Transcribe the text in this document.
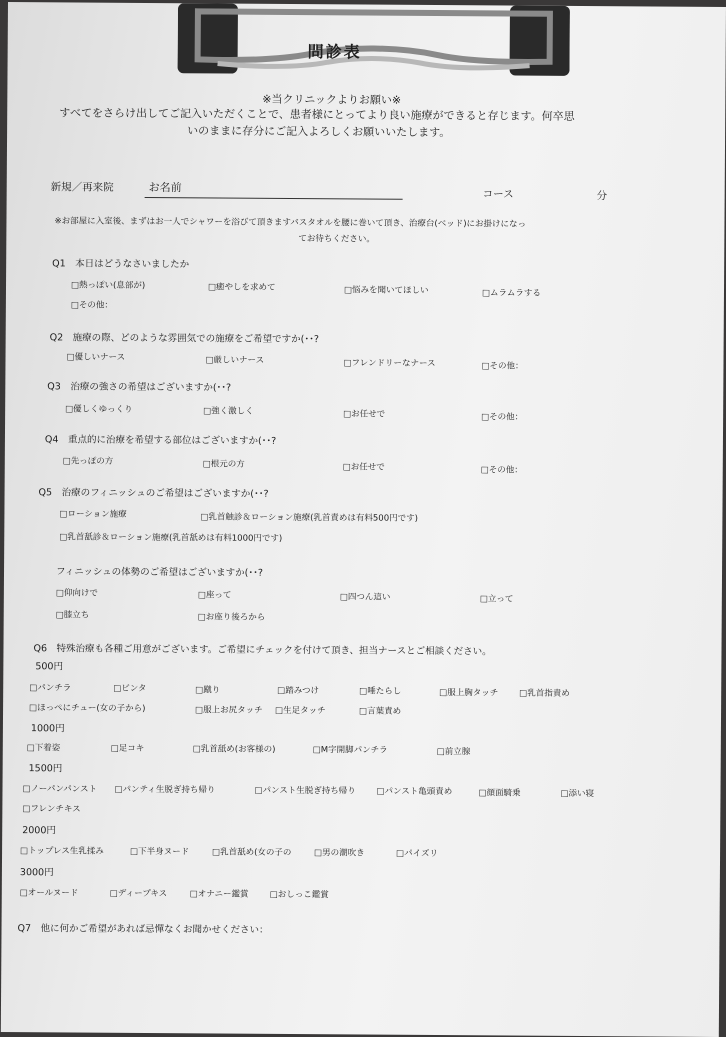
問診表
※当クリニックよりお願い※
すべてをさらけ出してご記入いただくことで、患者様にとってより良い施療ができると存じます。何卒思
いのままに存分にご記入よろしくお願いいたします。
新規／再来院	お名前
コース	分
※お部屋に入室後、まずはお一人でシャワーを浴びて頂きますバスタオルを腰に巻いて頂き、治療台(ベッド)にお掛けになっ
てお待ちください。
Q1　本日はどうなさいましたか
□熱っぽい(息部が)	□癒やしを求めて	□悩みを聞いてほしい	□ムラムラする
□その他：
Q2　施療の際、どのような雰囲気での施療をご希望ですか(･･?
□優しいナース	□厳しいナース	□フレンドリーなナース	□その他：
Q3　治療の強さの希望はございますか(･･?
□優しくゆっくり	□強く激しく	□お任せで	□その他：
Q4　重点的に治療を希望する部位はございますか(･･?
□先っぽの方	□根元の方	□お任せで	□その他：
Q5　治療のフィニッシュのご希望はございますか(･･?
□ローション施療	□乳首触診＆ローション施療(乳首責めは有料500円です)
□乳首舐診＆ローション施療(乳首舐めは有料1000円です)
フィニッシュの体勢のご希望はございますか(･･?
□仰向けで	□座って	□四つん這い	□立って
□膝立ち	□お座り後ろから
Q6　特殊治療も各種ご用意がございます。ご希望にチェックを付けて頂き、担当ナースとご相談ください。
500円
□パンチラ	□ビンタ	□蹴り	□踏みつけ	□唾たらし	□服上胸タッチ □乳首指責め
□ほっぺにチュー(女の子から)	□服上お尻タッチ □生足タッチ	□言葉責め
1000円
□下着姿	□足コキ	□乳首舐め(お客様の)	□M字開脚パンチラ	□前立腺
1500円
□ノーパンパンスト □パンティ生脱ぎ持ち帰り	□パンスト生脱ぎ持ち帰り □パンスト亀頭責め	□顔面騎乗	□添い寝
□フレンチキス
2000円
□トップレス生乳揉み	□下半身ヌード	□乳首舐め(女の子の	□男の潮吹き	□パイズリ
3000円
□オールヌード	□ディープキス	□オナニー鑑賞 □おしっこ鑑賞
Q7　他に何かご希望があれば忌憚なくお聞かせください：
